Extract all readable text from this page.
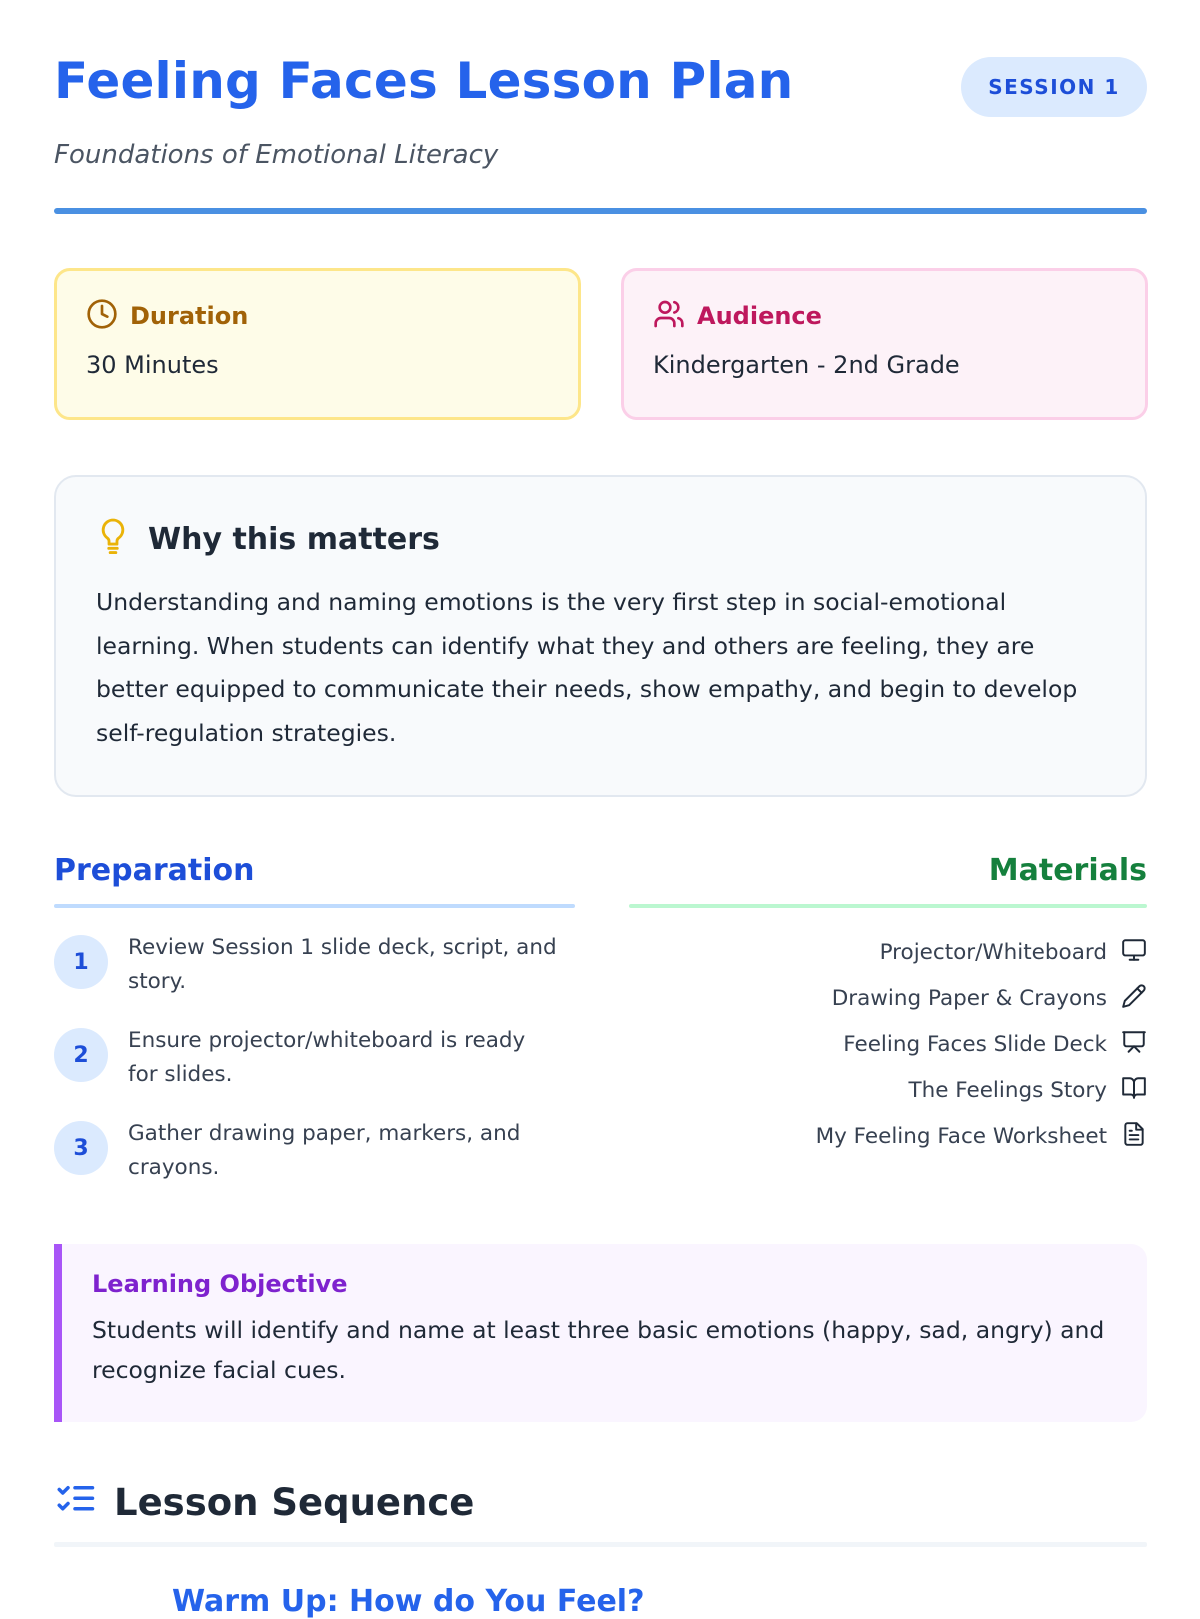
Feeling Faces Lesson Plan	SESSION 1
Foundations of Emotional Literacy
Duration
30 Minutes
Audience
Kindergarten - 2nd Grade
Why this matters

Understanding and naming emotions is the very first step in social-emotional learning. When students can identify what they and others are feeling, they are better equipped to communicate their needs, show empathy, and begin to develop self-regulation strategies.

Preparation
1
Review Session 1 slide deck, script, and story.
2
Ensure projector/whiteboard is ready for slides.
3
Gather drawing paper, markers, and crayons.
Materials
Projector/Whiteboard
Drawing Paper & Crayons
Feeling Faces Slide Deck
The Feelings Story
My Feeling Face Worksheet
Learning Objective

Students will identify and name at least three basic emotions (happy, sad, angry) and recognize facial cues.

Lesson Sequence
Warm Up: How do You Feel?
